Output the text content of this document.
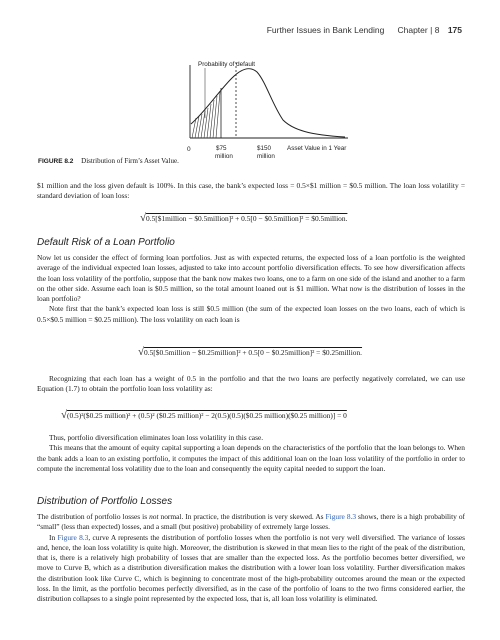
Further Issues in Bank Lending Chapter | 8 175
Probability of default
0	$75
million
$150
million
Asset Value in 1 Year
FIGURE 8.2 Distribution of Firm’s Asset Value.

$1 million and the loss given default is 100%. In this case, the bank’s expected loss = 0.5×$1 million = $0.5 million. The loan loss volatility = standard deviation of loan loss:

√0.5[$1million − $0.5million]² + 0.5[0 − $0.5million]² = $0.5million.
Default Risk of a Loan Portfolio

Now let us consider the effect of forming loan portfolios. Just as with expected returns, the expected loss of a loan portfolio is the weighted average of the individual expected loan losses, adjusted to take into account portfolio diversification effects. To see how diversification affects the loan loss volatility of the portfolio, suppose that the bank now makes two loans, one to a farm on one side of the island and another to a farm on the other side. Assume each loan is $0.5 million, so the total amount loaned out is $1 million. What now is the distribution of losses in the loan portfolio?

Note first that the bank’s expected loan loss is still $0.5 million (the sum of the expected loan losses on the two loans, each of which is 0.5×$0.5 million = $0.25 million). The loss volatility on each loan is

√0.5[$0.5million − $0.25million]² + 0.5[0 − $0.25million]² = $0.25million.

Recognizing that each loan has a weight of 0.5 in the portfolio and that the two loans are perfectly negatively correlated, we can use Equation (1.7) to obtain the portfolio loan loss volatility as:

√(0.5)²($0.25 million)² + (0.5)² ($0.25 million)² − 2(0.5)(0.5)($0.25 million)($0.25 million)] = 0

Thus, portfolio diversification eliminates loan loss volatility in this case.

This means that the amount of equity capital supporting a loan depends on the characteristics of the portfolio that the loan belongs to. When the bank adds a loan to an existing portfolio, it computes the impact of this additional loan on the loan loss volatility of the portfolio in order to compute the incremental loss volatility due to the loan and consequently the equity capital needed to support the loan.

Distribution of Portfolio Losses

The distribution of portfolio losses is not normal. In practice, the distribution is very skewed. As Figure 8.3 shows, there is a high probability of “small” (less than expected) losses, and a small (but positive) probability of extremely large losses.

In Figure 8.3, curve A represents the distribution of portfolio losses when the portfolio is not very well diversified. The variance of losses and, hence, the loan loss volatility is quite high. Moreover, the distribution is skewed in that mean lies to the right of the peak of the distribution, that is, there is a relatively high probability of losses that are smaller than the expected loss. As the portfolio becomes better diversified, we move to Curve B, which as a distribution diversification makes the distribution with a lower loan loss volatility. Further diversification makes the distribution look like Curve C, which is beginning to concentrate most of the high-probability outcomes around the mean or the expected loss. In the limit, as the portfolio becomes perfectly diversified, as in the case of the portfolio of loans to the two firms considered earlier, the distribution collapses to a single point represented by the expected loss, that is, all loan loss volatility is eliminated.
